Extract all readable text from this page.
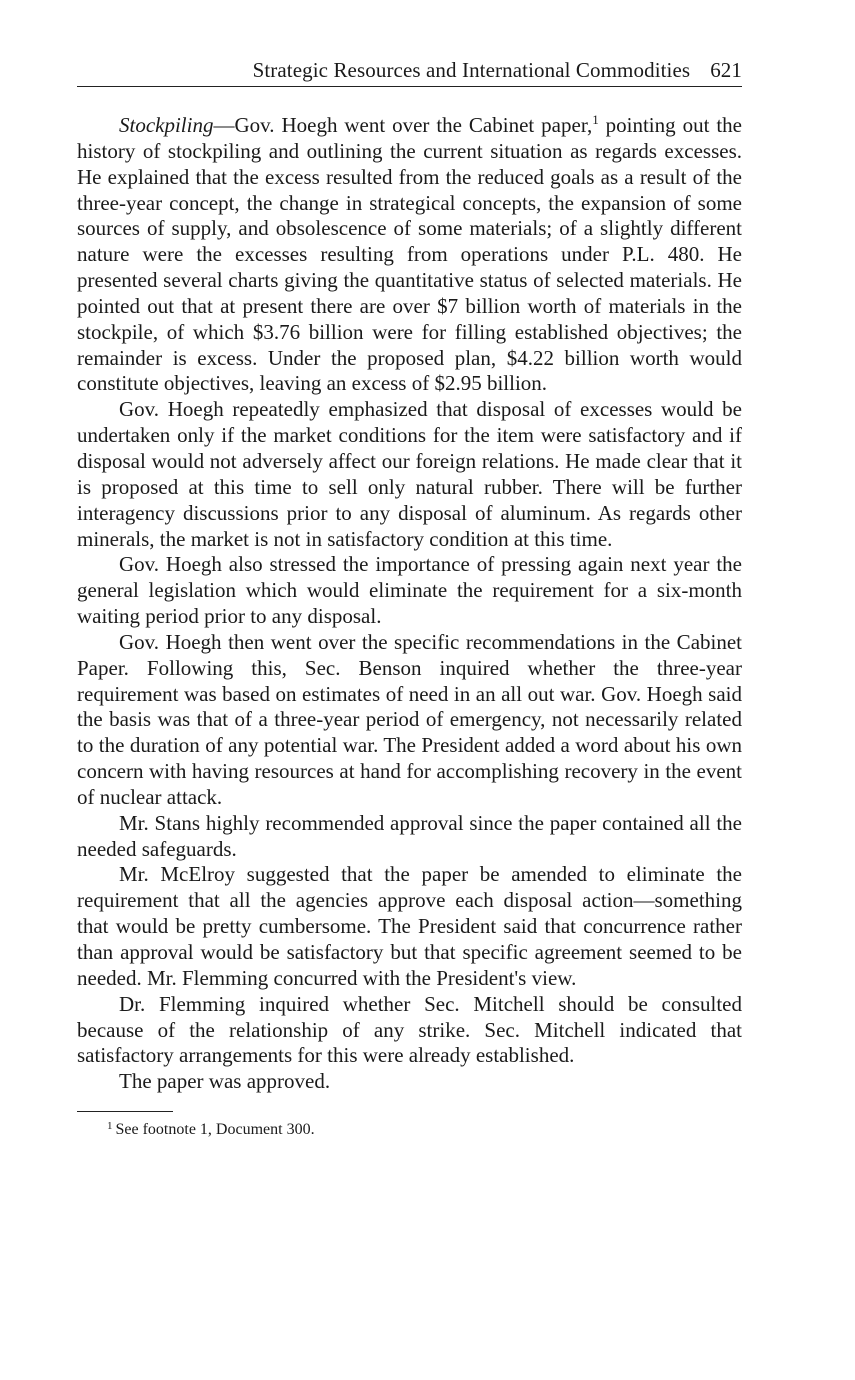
Strategic Resources and International Commodities 621

Stockpiling—Gov. Hoegh went over the Cabinet paper,$^1$ pointing out the history of stockpiling and outlining the current situation as regards excesses. He explained that the excess resulted from the reduced goals as a result of the three-year concept, the change in strategical concepts, the expansion of some sources of supply, and obsolescence of some materials; of a slightly different nature were the excesses resulting from operations under P.L. 480. He presented several charts giving the quantitative status of selected materials. He pointed out that at present there are over $7 billion worth of materials in the stockpile, of which $3.76 billion were for filling established objectives; the remainder is excess. Under the proposed plan, $4.22 billion worth would constitute objectives, leaving an excess of $2.95 billion.

Gov. Hoegh repeatedly emphasized that disposal of excesses would be undertaken only if the market conditions for the item were satisfactory and if disposal would not adversely affect our foreign relations. He made clear that it is proposed at this time to sell only natural rubber. There will be further interagency discussions prior to any disposal of aluminum. As regards other minerals, the market is not in satisfactory condition at this time.

Gov. Hoegh also stressed the importance of pressing again next year the general legislation which would eliminate the requirement for a six-month waiting period prior to any disposal.

Gov. Hoegh then went over the specific recommendations in the Cabinet Paper. Following this, Sec. Benson inquired whether the three-year requirement was based on estimates of need in an all out war. Gov. Hoegh said the basis was that of a three-year period of emergency, not necessarily related to the duration of any potential war. The President added a word about his own concern with having resources at hand for accomplishing recovery in the event of nuclear attack.

Mr. Stans highly recommended approval since the paper contained all the needed safeguards.

Mr. McElroy suggested that the paper be amended to eliminate the requirement that all the agencies approve each disposal action—something that would be pretty cumbersome. The President said that concurrence rather than approval would be satisfactory but that specific agreement seemed to be needed. Mr. Flemming concurred with the President's view.

Dr. Flemming inquired whether Sec. Mitchell should be consulted because of the relationship of any strike. Sec. Mitchell indicated that satisfactory arrangements for this were already established.

The paper was approved.

$^1$ See footnote 1, Document 300.
